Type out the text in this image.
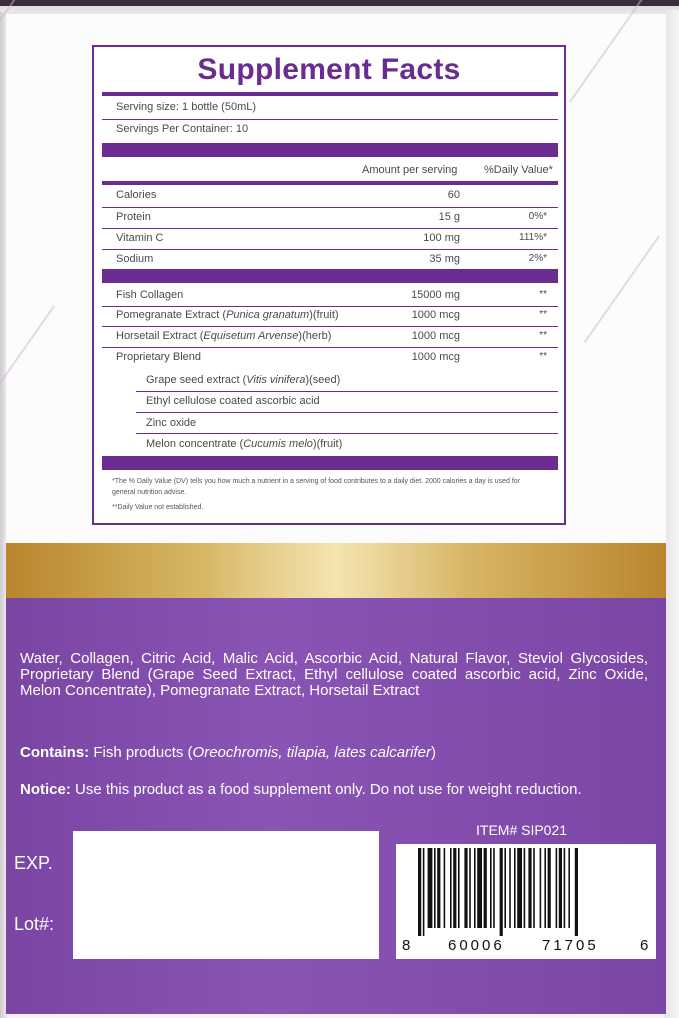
Supplement Facts
Serving size: 1 bottle (50mL)
Servings Per Container: 10
Amount per serving %Daily Value*
Calories	60
Protein	15 g	0%*
Vitamin C	100 mg	111%*
Sodium	35 mg	2%*
Fish Collagen	15000 mg	**
Pomegranate Extract (Punica granatum)(fruit)	1000 mcg	**
Horsetail Extract (Equisetum Arvense)(herb)	1000 mcg	**
Proprietary Blend	1000 mcg	**
Grape seed extract (Vitis vinifera)(seed)
Ethyl cellulose coated ascorbic acid
Zinc oxide
Melon concentrate (Cucumis melo)(fruit)
*The % Daily Value (DV) tells you how much a nutrient in a serving of food contributes to a daily diet. 2000 calories a day is used for general nutrition advise.
**Daily Value not established.
Water, Collagen, Citric Acid, Malic Acid, Ascorbic Acid, Natural Flavor, Steviol Glycosides, Proprietary Blend (Grape Seed Extract, Ethyl cellulose coated ascorbic acid, Zinc Oxide, Melon Concentrate), Pomegranate Extract, Horsetail Extract
Contains: Fish products (Oreochromis, tilapia, lates calcarifer)
Notice: Use this product as a food supplement only. Do not use for weight reduction.
ITEM# SIP021
EXP.
Lot#:
8	60006 71705	6
